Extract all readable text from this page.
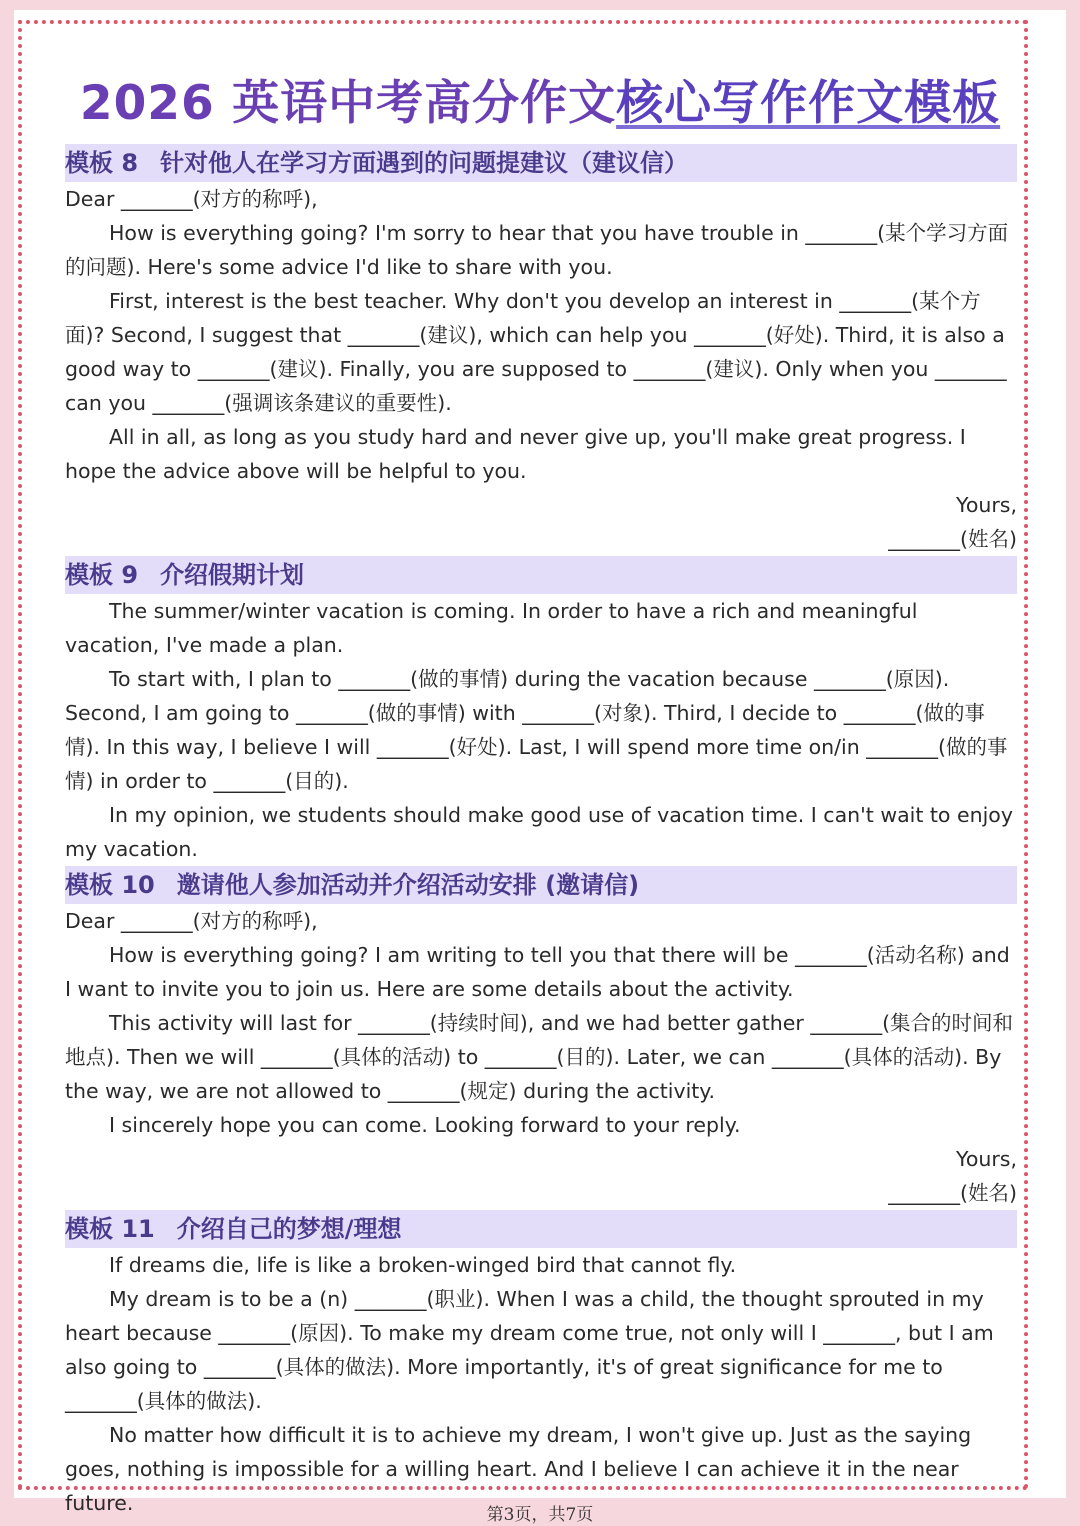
2026 英语中考高分作文核心写作作文模板
模板 8 针对他人在学习方面遇到的问题提建议（建议信）

Dear _______(对方的称呼),

How is everything going? I'm sorry to hear that you have trouble in _______(某个学习方面的问题). Here's some advice I'd like to share with you.

First, interest is the best teacher. Why don't you develop an interest in _______(某个方面)? Second, I suggest that _______(建议), which can help you _______(好处). Third, it is also a good way to _______(建议). Finally, you are supposed to _______(建议). Only when you _______ can you _______(强调该条建议的重要性).

All in all, as long as you study hard and never give up, you'll make great progress. I hope the advice above will be helpful to you.

Yours,

_______(姓名)

模板 9 介绍假期计划

The summer/winter vacation is coming. In order to have a rich and meaningful vacation, I've made a plan.

To start with, I plan to _______(做的事情) during the vacation because _______(原因). Second, I am going to _______(做的事情) with _______(对象). Third, I decide to _______(做的事情). In this way, I believe I will _______(好处). Last, I will spend more time on/in _______(做的事情) in order to _______(目的).

In my opinion, we students should make good use of vacation time. I can't wait to enjoy my vacation.

模板 10 邀请他人参加活动并介绍活动安排 (邀请信)

Dear _______(对方的称呼),

How is everything going? I am writing to tell you that there will be _______(活动名称) and I want to invite you to join us. Here are some details about the activity.

This activity will last for _______(持续时间), and we had better gather _______(集合的时间和地点). Then we will _______(具体的活动) to _______(目的). Later, we can _______(具体的活动). By the way, we are not allowed to _______(规定) during the activity.

I sincerely hope you can come. Looking forward to your reply.

Yours,

_______(姓名)

模板 11 介绍自己的梦想/理想

If dreams die, life is like a broken-winged bird that cannot fly.

My dream is to be a (n) _______(职业). When I was a child, the thought sprouted in my heart because _______(原因). To make my dream come true, not only will I _______, but I am also going to _______(具体的做法). More importantly, it's of great significance for me to _______(具体的做法).

No matter how difficult it is to achieve my dream, I won't give up. Just as the saying goes, nothing is impossible for a willing heart. And I believe I can achieve it in the near future.	第3页，共7页
